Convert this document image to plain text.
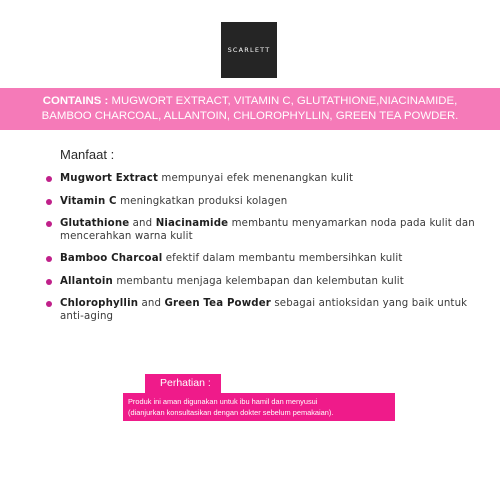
SCARLETT
CONTAINS : MUGWORT EXTRACT, VITAMIN C, GLUTATHIONE,NIACINAMIDE,
BAMBOO CHARCOAL, ALLANTOIN, CHLOROPHYLLIN, GREEN TEA POWDER.
Manfaat :
Mugwort Extract mempunyai efek menenangkan kulit
Vitamin C meningkatkan produksi kolagen
Glutathione and Niacinamide membantu menyamarkan noda pada kulit dan mencerahkan warna kulit
Bamboo Charcoal efektif dalam membantu membersihkan kulit
Allantoin membantu menjaga kelembapan dan kelembutan kulit
Chlorophyllin and Green Tea Powder sebagai antioksidan yang baik untuk anti-aging
Perhatian :
Produk ini aman digunakan untuk ibu hamil dan menyusui
(dianjurkan konsultasikan dengan dokter sebelum pemakaian).
